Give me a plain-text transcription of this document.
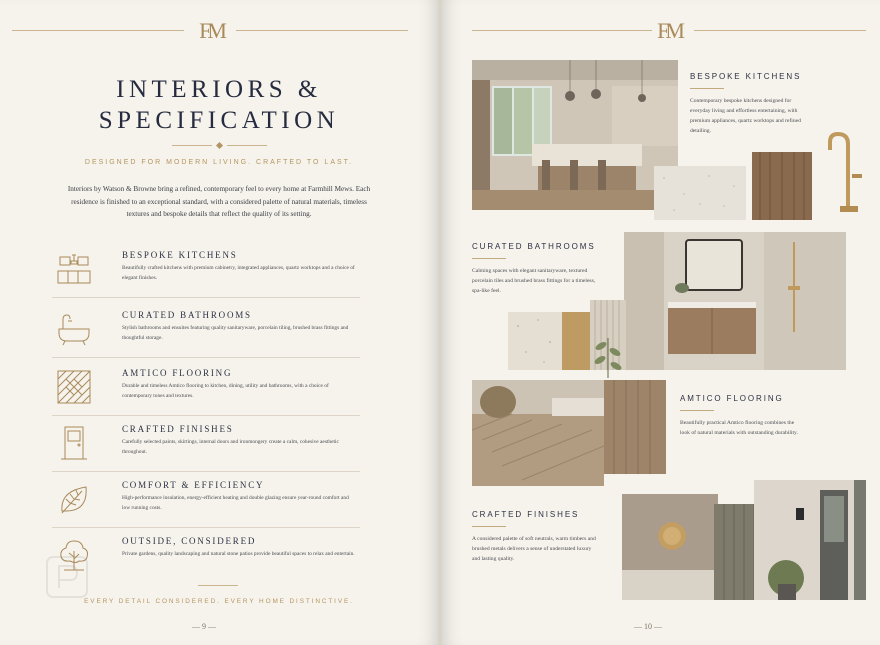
FM
INTERIORS &
SPECIFICATION
DESIGNED FOR MODERN LIVING. CRAFTED TO LAST.
Interiors by Watson & Browne bring a refined, contemporary feel to every home at Farmhill Mews. Each residence is finished to an exceptional standard, with a considered palette of natural materials, timeless textures and bespoke details that reflect the quality of its setting.
BESPOKE KITCHENS

Beautifully crafted kitchens with premium cabinetry, integrated appliances, quartz worktops and a choice of elegant finishes.

CURATED BATHROOMS

Stylish bathrooms and ensuites featuring quality sanitaryware, porcelain tiling, brushed brass fittings and thoughtful storage.

AMTICO FLOORING

Durable and timeless Amtico flooring to kitchen, dining, utility and bathrooms, with a choice of contemporary tones and textures.

CRAFTED FINISHES

Carefully selected paints, skirtings, internal doors and ironmongery create a calm, cohesive aesthetic throughout.

COMFORT & EFFICIENCY

High-performance insulation, energy-efficient heating and double glazing ensure year-round comfort and low running costs.

OUTSIDE, CONSIDERED

Private gardens, quality landscaping and natural stone patios provide beautiful spaces to relax and entertain.

EVERY DETAIL CONSIDERED. EVERY HOME DISTINCTIVE.
— 9 —
FM
BESPOKE KITCHENS
Contemporary bespoke kitchens designed for everyday living and effortless entertaining, with premium appliances, quartz worktops and refined detailing.
CURATED BATHROOMS
Calming spaces with elegant sanitaryware, textured porcelain tiles and brushed brass fittings for a timeless, spa-like feel.
AMTICO FLOORING
Beautifully practical Amtico flooring combines the look of natural materials with outstanding durability.
CRAFTED FINISHES
A considered palette of soft neutrals, warm timbers and brushed metals delivers a sense of understated luxury and lasting quality.
— 10 —
